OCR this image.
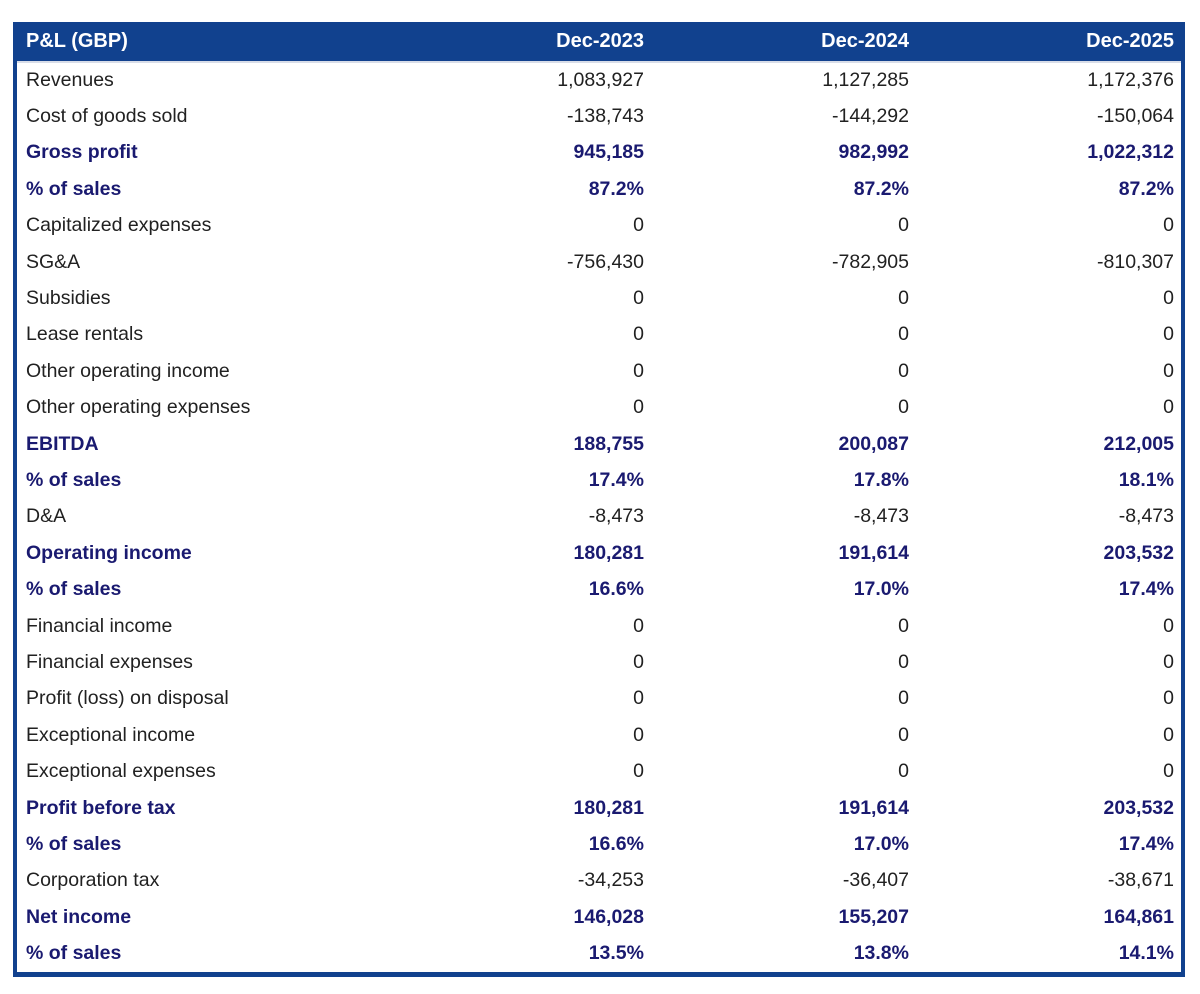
P&L (GBP)	Dec-2023	Dec-2024	Dec-2025
Revenues	1,083,927	1,127,285	1,172,376
Cost of goods sold	-138,743	-144,292	-150,064
Gross profit	945,185	982,992	1,022,312
% of sales	87.2%	87.2%	87.2%
Capitalized expenses	0	0	0
SG&A	-756,430	-782,905	-810,307
Subsidies	0	0	0
Lease rentals	0	0	0
Other operating income	0	0	0
Other operating expenses	0	0	0
EBITDA	188,755	200,087	212,005
% of sales	17.4%	17.8%	18.1%
D&A	-8,473	-8,473	-8,473
Operating income	180,281	191,614	203,532
% of sales	16.6%	17.0%	17.4%
Financial income	0	0	0
Financial expenses	0	0	0
Profit (loss) on disposal	0	0	0
Exceptional income	0	0	0
Exceptional expenses	0	0	0
Profit before tax	180,281	191,614	203,532
% of sales	16.6%	17.0%	17.4%
Corporation tax	-34,253	-36,407	-38,671
Net income	146,028	155,207	164,861
% of sales	13.5%	13.8%	14.1%
